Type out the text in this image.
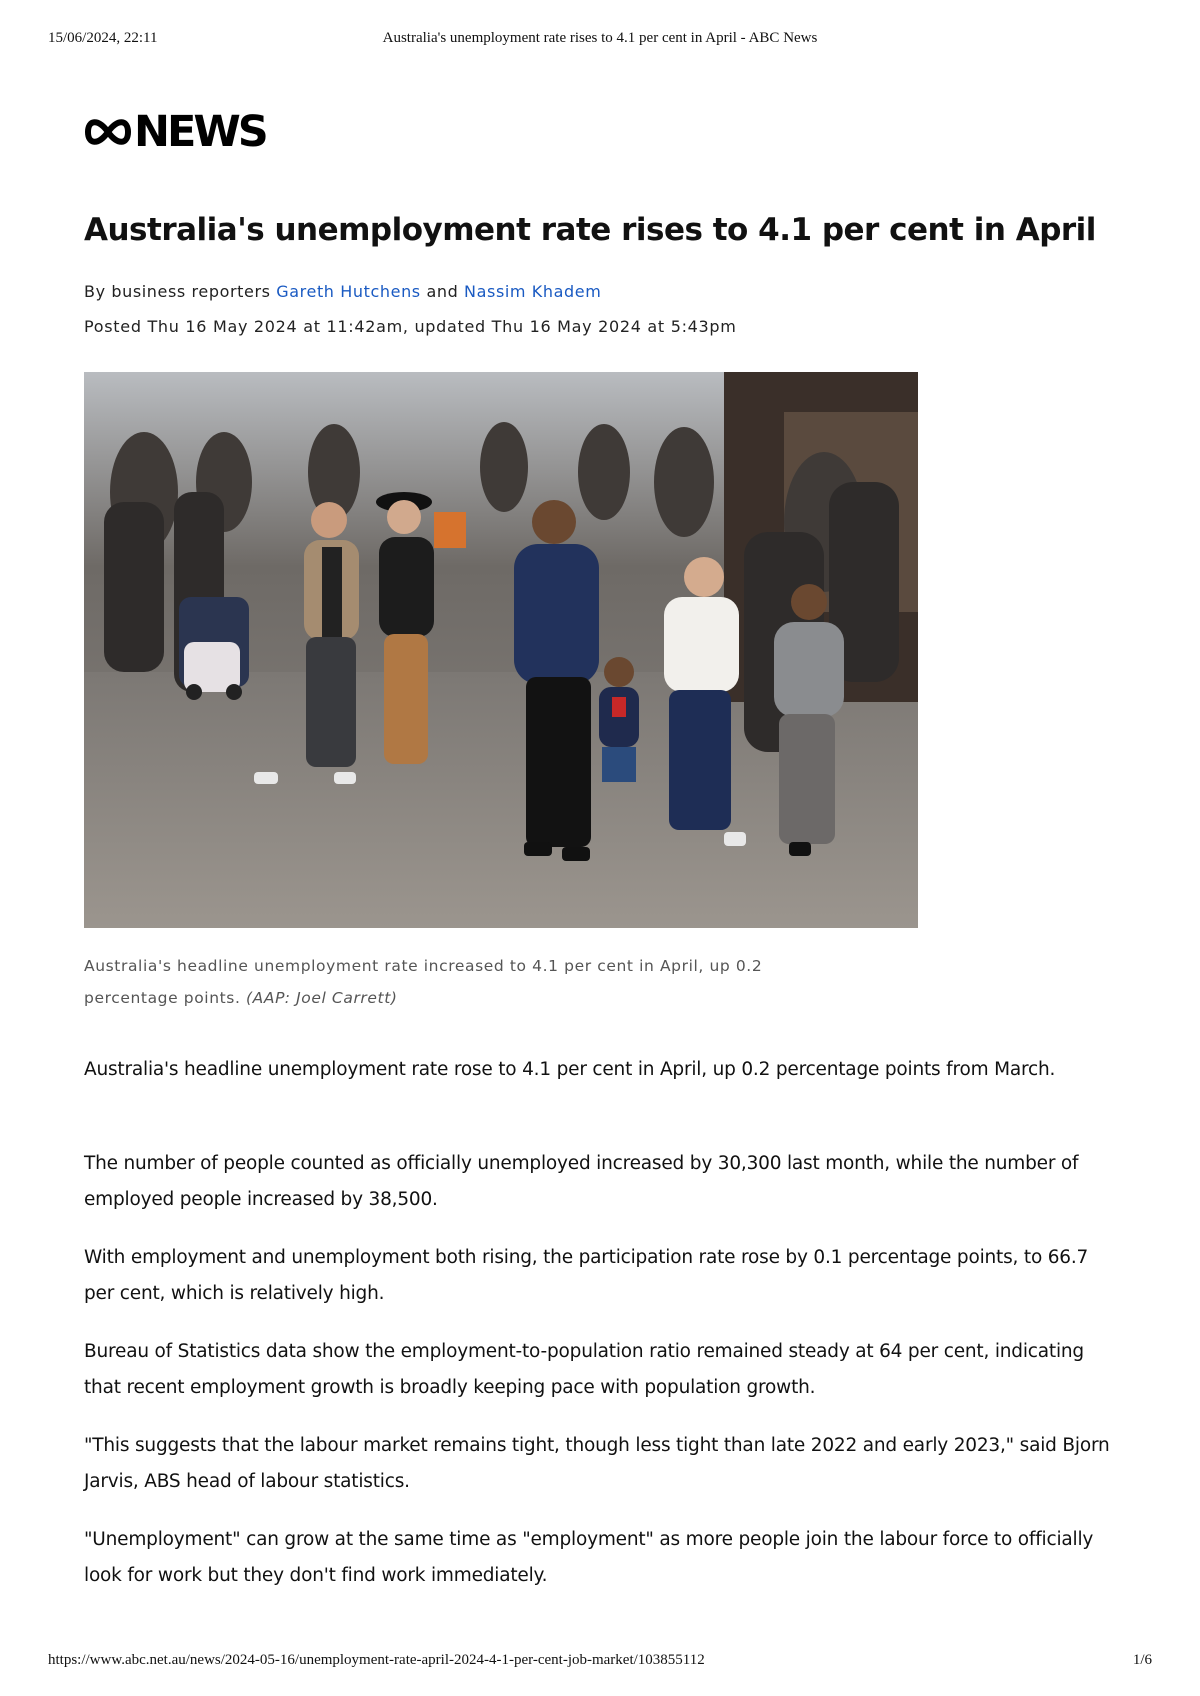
15/06/2024, 22:11	Australia's unemployment rate rises to 4.1 per cent in April - ABC News
NEWS
Australia's unemployment rate rises to 4.1 per cent in April
By business reporters Gareth Hutchens and Nassim Khadem
Posted Thu 16 May 2024 at 11:42am, updated Thu 16 May 2024 at 5:43pm
Australia's headline unemployment rate increased to 4.1 per cent in April, up 0.2 percentage points. (AAP: Joel Carrett)

Australia's headline unemployment rate rose to 4.1 per cent in April, up 0.2 percentage points from March.

The number of people counted as officially unemployed increased by 30,300 last month, while the number of employed people increased by 38,500.

With employment and unemployment both rising, the participation rate rose by 0.1 percentage points, to 66.7 per cent, which is relatively high.

Bureau of Statistics data show the employment-to-population ratio remained steady at 64 per cent, indicating that recent employment growth is broadly keeping pace with population growth.

"This suggests that the labour market remains tight, though less tight than late 2022 and early 2023," said Bjorn Jarvis, ABS head of labour statistics.

"Unemployment" can grow at the same time as "employment" as more people join the labour force to officially look for work but they don't find work immediately.

https://www.abc.net.au/news/2024-05-16/unemployment-rate-april-2024-4-1-per-cent-job-market/103855112	1/6
